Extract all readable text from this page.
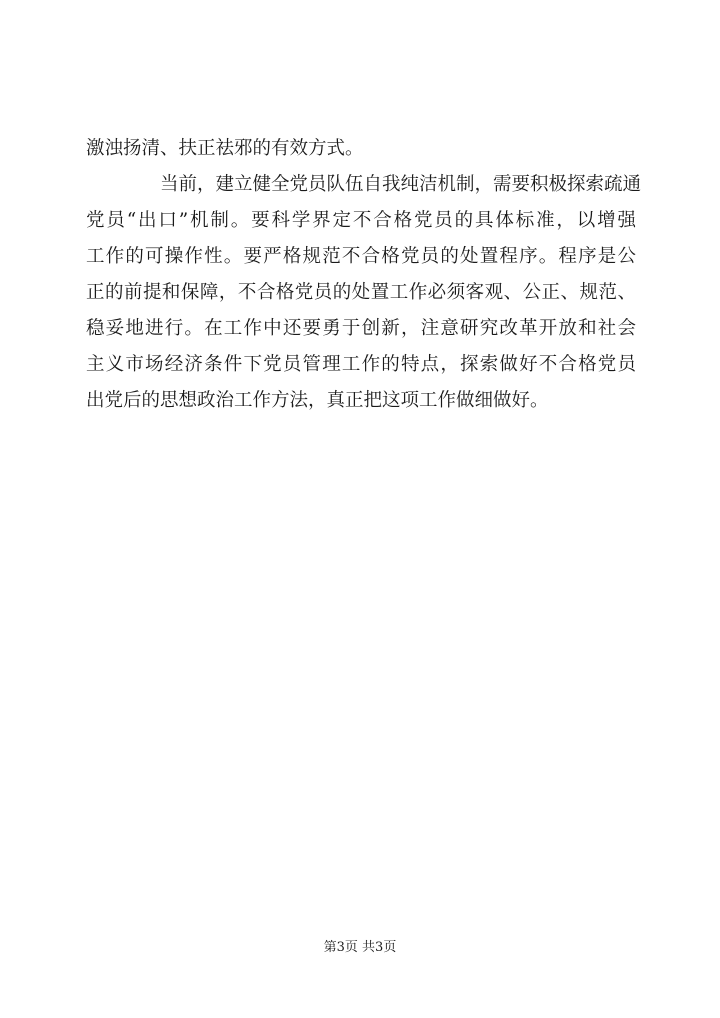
激浊扬清、扶正祛邪的有效方式。
当前，建立健全党员队伍自我纯洁机制，需要积极探索疏通
党员“出口”机制。要科学界定不合格党员的具体标准，以增强
工作的可操作性。要严格规范不合格党员的处置程序。程序是公
正的前提和保障，不合格党员的处置工作必须客观、公正、规范、
稳妥地进行。在工作中还要勇于创新，注意研究改革开放和社会
主义市场经济条件下党员管理工作的特点，探索做好不合格党员
出党后的思想政治工作方法，真正把这项工作做细做好。
第3页 共3页
